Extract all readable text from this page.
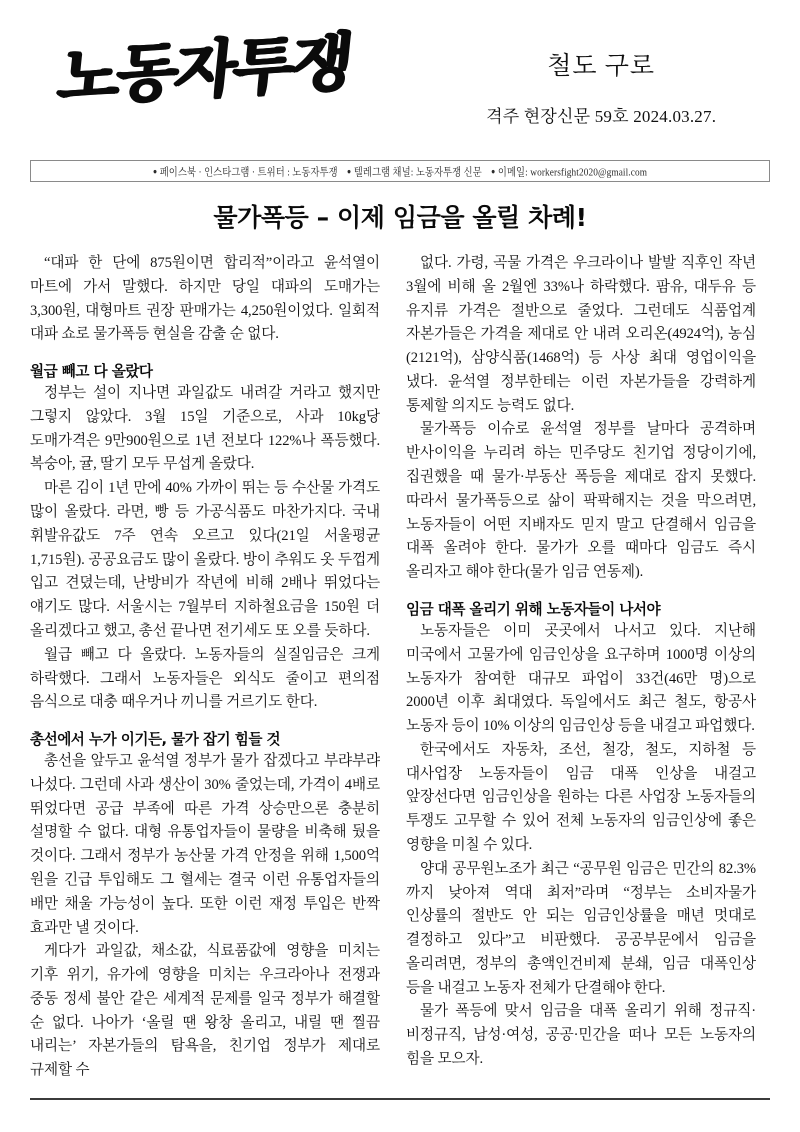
노동자투쟁	철도 구로
격주 현장신문 59호 2024.03.27.
● 페이스북 · 인스타그램 · 트위터 : 노동자투쟁 ● 텔레그램 채널: 노동자투쟁 신문 ● 이메일: workersfight2020@gmail.com
물가폭등 – 이제 임금을 올릴 차례!

“대파 한 단에 875원이면 합리적”이라고 윤석열이 마트에 가서 말했다. 하지만 당일 대파의 도매가는 3,300원, 대형마트 권장 판매가는 4,250원이었다. 일회적 대파 쇼로 물가폭등 현실을 감출 순 없다.

월급 빼고 다 올랐다

정부는 설이 지나면 과일값도 내려갈 거라고 했지만 그렇지 않았다. 3월 15일 기준으로, 사과 10kg당 도매가격은 9만900원으로 1년 전보다 122%나 폭등했다. 복숭아, 귤, 딸기 모두 무섭게 올랐다.

마른 김이 1년 만에 40% 가까이 뛰는 등 수산물 가격도 많이 올랐다. 라면, 빵 등 가공식품도 마찬가지다. 국내 휘발유값도 7주 연속 오르고 있다(21일 서울평균 1,715원). 공공요금도 많이 올랐다. 방이 추워도 옷 두껍게 입고 견뎠는데, 난방비가 작년에 비해 2배나 뛰었다는 얘기도 많다. 서울시는 7월부터 지하철요금을 150원 더 올리겠다고 했고, 총선 끝나면 전기세도 또 오를 듯하다.

월급 빼고 다 올랐다. 노동자들의 실질임금은 크게 하락했다. 그래서 노동자들은 외식도 줄이고 편의점 음식으로 대충 때우거나 끼니를 거르기도 한다.

총선에서 누가 이기든, 물가 잡기 힘들 것

총선을 앞두고 윤석열 정부가 물가 잡겠다고 부랴부랴 나섰다. 그런데 사과 생산이 30% 줄었는데, 가격이 4배로 뛰었다면 공급 부족에 따른 가격 상승만으론 충분히 설명할 수 없다. 대형 유통업자들이 물량을 비축해 뒀을 것이다. 그래서 정부가 농산물 가격 안정을 위해 1,500억 원을 긴급 투입해도 그 혈세는 결국 이런 유통업자들의 배만 채울 가능성이 높다. 또한 이런 재정 투입은 반짝 효과만 낼 것이다.

게다가 과일값, 채소값, 식료품값에 영향을 미치는 기후 위기, 유가에 영향을 미치는 우크라아나 전쟁과 중동 정세 불안 같은 세계적 문제를 일국 정부가 해결할 순 없다. 나아가 ‘올릴 땐 왕창 올리고, 내릴 땐 찔끔 내리는’ 자본가들의 탐욕을, 친기업 정부가 제대로 규제할 수

없다. 가령, 곡물 가격은 우크라이나 발발 직후인 작년 3월에 비해 올 2월엔 33%나 하락했다. 팜유, 대두유 등 유지류 가격은 절반으로 줄었다. 그런데도 식품업계 자본가들은 가격을 제대로 안 내려 오리온(4924억), 농심(2121억), 삼양식품(1468억) 등 사상 최대 영업이익을 냈다. 윤석열 정부한테는 이런 자본가들을 강력하게 통제할 의지도 능력도 없다.

물가폭등 이슈로 윤석열 정부를 날마다 공격하며 반사이익을 누리려 하는 민주당도 친기업 정당이기에, 집권했을 때 물가·부동산 폭등을 제대로 잡지 못했다. 따라서 물가폭등으로 삶이 팍팍해지는 것을 막으려면, 노동자들이 어떤 지배자도 믿지 말고 단결해서 임금을 대폭 올려야 한다. 물가가 오를 때마다 임금도 즉시 올리자고 해야 한다(물가 임금 연동제).

임금 대폭 올리기 위해 노동자들이 나서야

노동자들은 이미 곳곳에서 나서고 있다. 지난해 미국에서 고물가에 임금인상을 요구하며 1000명 이상의 노동자가 참여한 대규모 파업이 33건(46만 명)으로 2000년 이후 최대였다. 독일에서도 최근 철도, 항공사 노동자 등이 10% 이상의 임금인상 등을 내걸고 파업했다.

한국에서도 자동차, 조선, 철강, 철도, 지하철 등 대사업장 노동자들이 임금 대폭 인상을 내걸고 앞장선다면 임금인상을 원하는 다른 사업장 노동자들의 투쟁도 고무할 수 있어 전체 노동자의 임금인상에 좋은 영향을 미칠 수 있다.

양대 공무원노조가 최근 “공무원 임금은 민간의 82.3%까지 낮아져 역대 최저”라며 “정부는 소비자물가 인상률의 절반도 안 되는 임금인상률을 매년 멋대로 결정하고 있다”고 비판했다. 공공부문에서 임금을 올리려면, 정부의 총액인건비제 분쇄, 임금 대폭인상 등을 내걸고 노동자 전체가 단결해야 한다.

물가 폭등에 맞서 임금을 대폭 올리기 위해 정규직·비정규직, 남성·여성, 공공·민간을 떠나 모든 노동자의 힘을 모으자.
